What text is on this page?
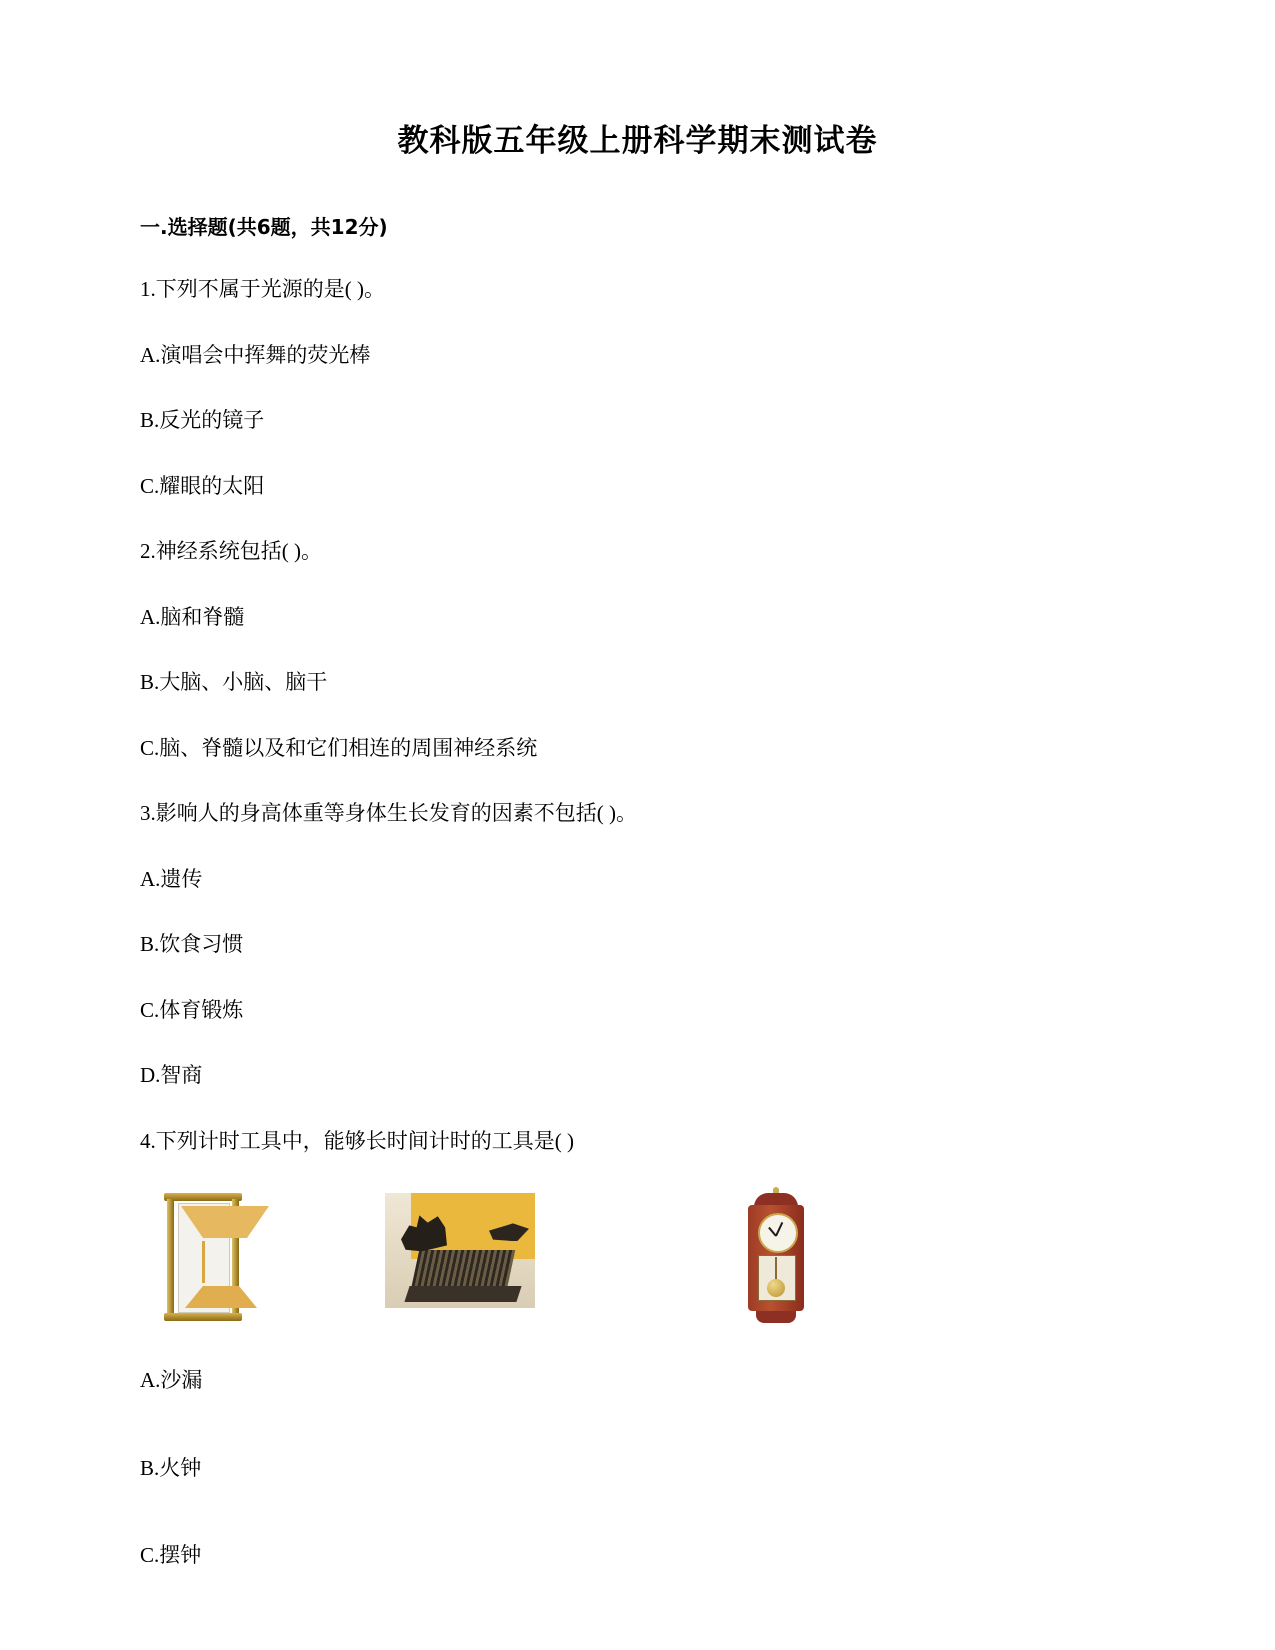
教科版五年级上册科学期末测试卷
一.选择题(共6题，共12分)
1.下列不属于光源的是( )。
A.演唱会中挥舞的荧光棒
B.反光的镜子
C.耀眼的太阳
2.神经系统包括( )。
A.脑和脊髓
B.大脑、小脑、脑干
C.脑、脊髓以及和它们相连的周围神经系统
3.影响人的身高体重等身体生长发育的因素不包括( )。
A.遗传
B.饮食习惯
C.体育锻炼
D.智商
4.下列计时工具中，能够长时间计时的工具是( )
A.沙漏
B.火钟
C.摆钟
